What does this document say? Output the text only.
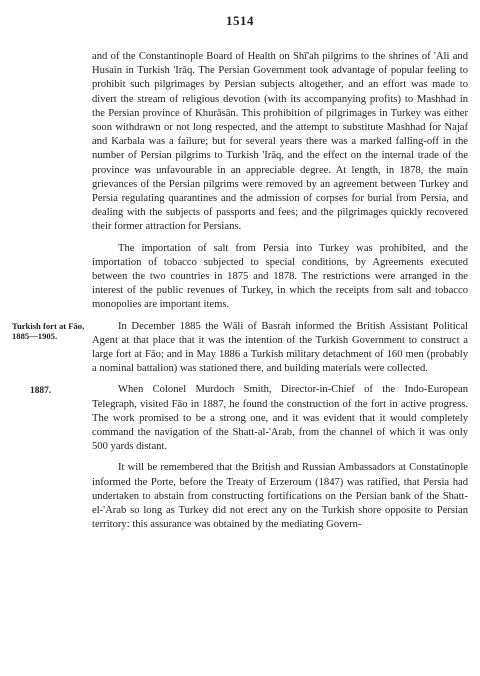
1514

and of the Constantinople Board of Health on Shī'ah pilgrims to the shrines of 'Ali and Husain in Turkish 'Irāq. The Persian Government took advantage of popular feeling to prohibit such pilgrimages by Persian subjects altogether, and an effort was made to divert the stream of religious devotion (with its accompanying profits) to Mashhad in the Persian province of Khurāsān. This prohibition of pilgrimages in Turkey was either soon withdrawn or not long respected, and the attempt to substitute Mashhad for Najaf and Karbala was a failure; but for several years there was a marked falling-off in the number of Persian pilgrims to Turkish 'Irāq, and the effect on the internal trade of the province was unfavourable in an appreciable degree. At length, in 1878, the main grievances of the Persian pilgrims were removed by an agreement between Turkey and Persia regulating quarantines and the admission of corpses for burial from Persia, and dealing with the subjects of passports and fees; and the pilgrimages quickly recovered their former attraction for Persians.

The importation of salt from Persia into Turkey was prohibited, and the importation of tobacco subjected to special conditions, by Agreements executed between the two countries in 1875 and 1878. The restrictions were arranged in the interest of the public revenues of Turkey, in which the receipts from salt and tobacco monopolies are important items.

Turkish fort at Fāo, 1885—1905.
In December 1885 the Wāli of Basrah informed the British Assistant Political Agent at that place that it was the intention of the Turkish Government to construct a large fort at Fāo; and in May 1886 a Turkish military detachment of 160 men (probably a nominal battalion) was stationed there, and building materials were collected.

1887.	When Colonel Murdoch Smith, Director-in-Chief of the Indo-European Telegraph, visited Fāo in 1887, he found the construction of the fort in active progress. The work promised to be a strong one, and it was evident that it would completely command the navigation of the Shatt-al-'Arab, from the channel of which it was only 500 yards distant.

It will be remembered that the British and Russian Ambassadors at Constatinople informed the Porte, before the Treaty of Erzeroum (1847) was ratified, that Persia had undertaken to abstain from constructing fortifications on the Persian bank of the Shatt-el-'Arab so long as Turkey did not erect any on the Turkish shore opposite to Persian territory: this assurance was obtained by the mediating Govern-
